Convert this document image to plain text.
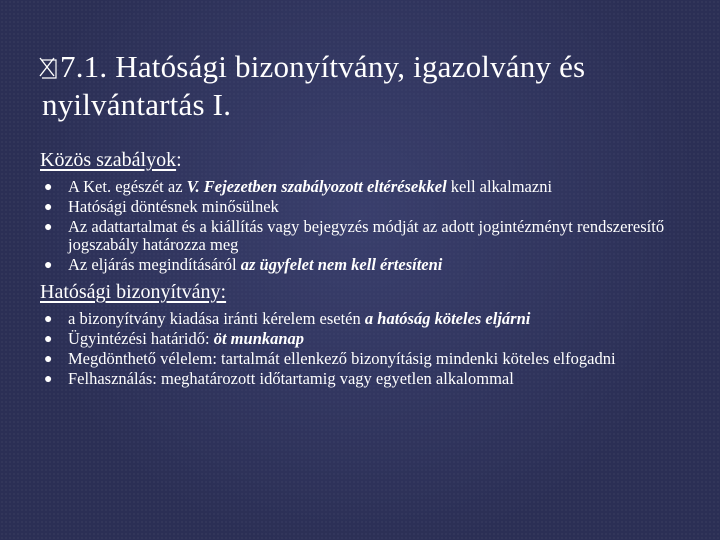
7.1. Hatósági bizonyítvány, igazolvány és
nyilvántartás I.
Közös szabályok:
● A Ket. egészét az V. Fejezetben szabályozott eltérésekkel kell alkalmazni
● Hatósági döntésnek minősülnek
● Az adattartalmat és a kiállítás vagy bejegyzés módját az adott jogintézményt rendszeresítő jogszabály határozza meg
● Az eljárás megindításáról az ügyfelet nem kell értesíteni
Hatósági bizonyítvány:
● a bizonyítvány kiadása iránti kérelem esetén a hatóság köteles eljárni
● Ügyintézési határidő: öt munkanap
● Megdönthető vélelem: tartalmát ellenkező bizonyításig mindenki köteles elfogadni
● Felhasználás: meghatározott időtartamig vagy egyetlen alkalommal
